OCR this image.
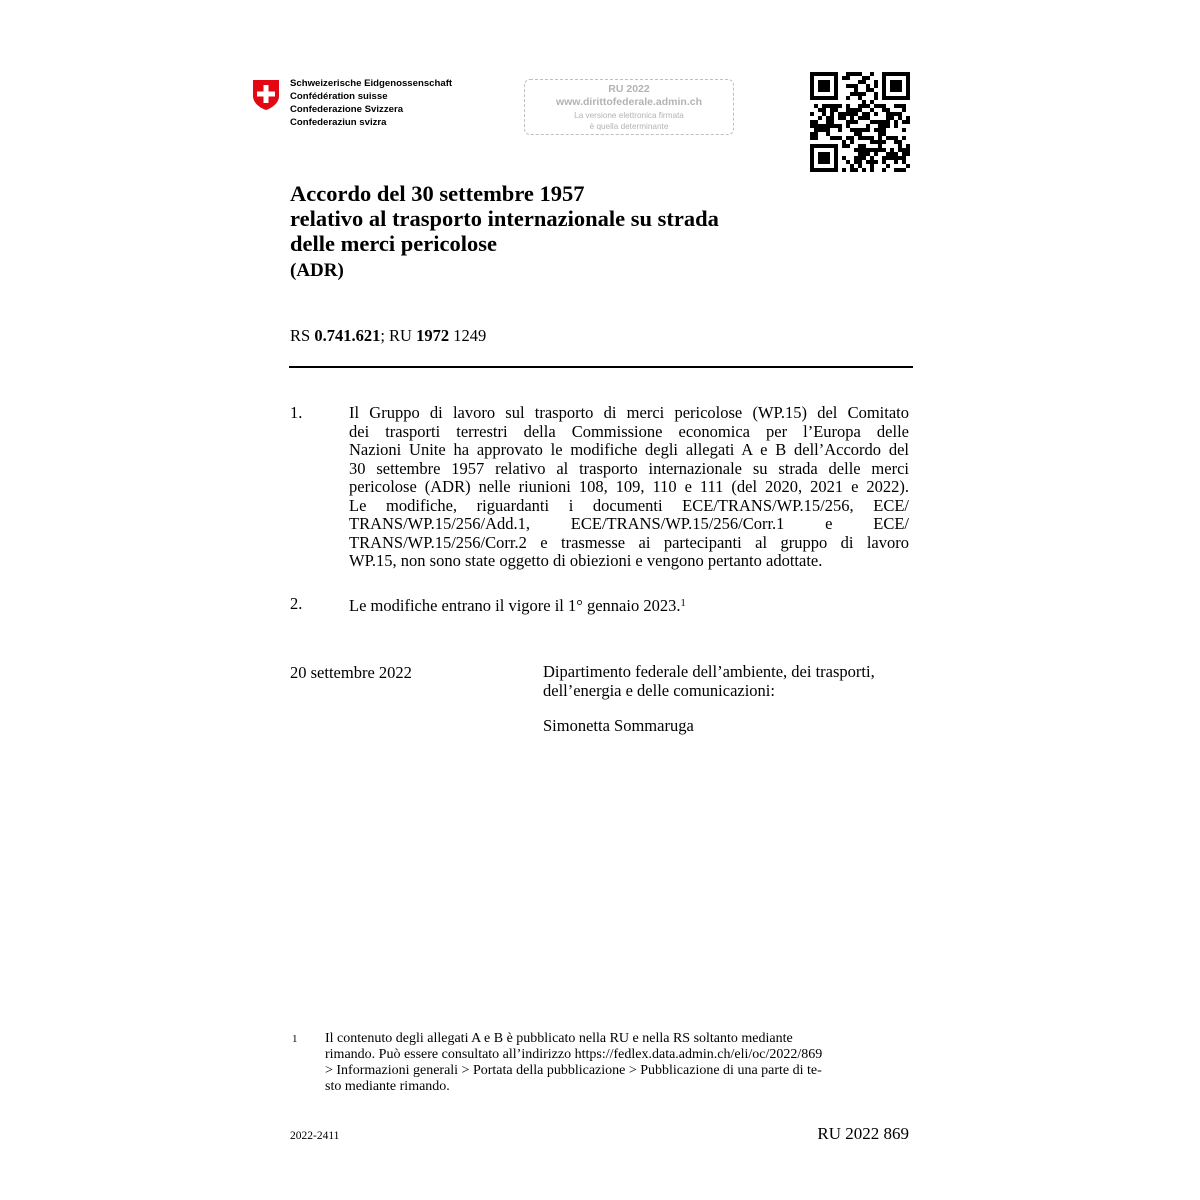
Schweizerische Eidgenossenschaft
Confédération suisse
Confederazione Svizzera
Confederaziun svizra
RU 2022
www.dirittofederale.admin.ch
La versione elettronica firmata
è quella determinante
Accordo del 30 settembre 1957
relativo al trasporto internazionale su strada
delle merci pericolose
(ADR)
RS 0.741.621; RU 1972 1249
1.	Il Gruppo di lavoro sul trasporto di merci pericolose (WP.15) del Comitato
dei trasporti terrestri della Commissione economica per l’Europa delle
Nazioni Unite ha approvato le modifiche degli allegati A e B dell’Accordo del
30 settembre 1957 relativo al trasporto internazionale su strada delle merci
pericolose (ADR) nelle riunioni 108, 109, 110 e 111 (del 2020, 2021 e 2022).
Le modifiche, riguardanti i documenti ECE/TRANS/WP.15/256, ECE/
TRANS/WP.15/256/Add.1, ECE/TRANS/WP.15/256/Corr.1 e ECE/
TRANS/WP.15/256/Corr.2 e trasmesse ai partecipanti al gruppo di lavoro
WP.15, non sono state oggetto di obiezioni e vengono pertanto adottate.
2.	Le modifiche entrano il vigore il 1° gennaio 2023.$^1$
20 settembre 2022	Dipartimento federale dell’ambiente, dei trasporti,
dell’energia e delle comunicazioni:
Simonetta Sommaruga
1 Il contenuto degli allegati A e B è pubblicato nella RU e nella RS soltanto mediante
rimando. Può essere consultato all’indirizzo https://fedlex.data.admin.ch/eli/oc/2022/869
> Informazioni generali > Portata della pubblicazione > Pubblicazione di una parte di te-
sto mediante rimando.
2022-2411	RU 2022 869
